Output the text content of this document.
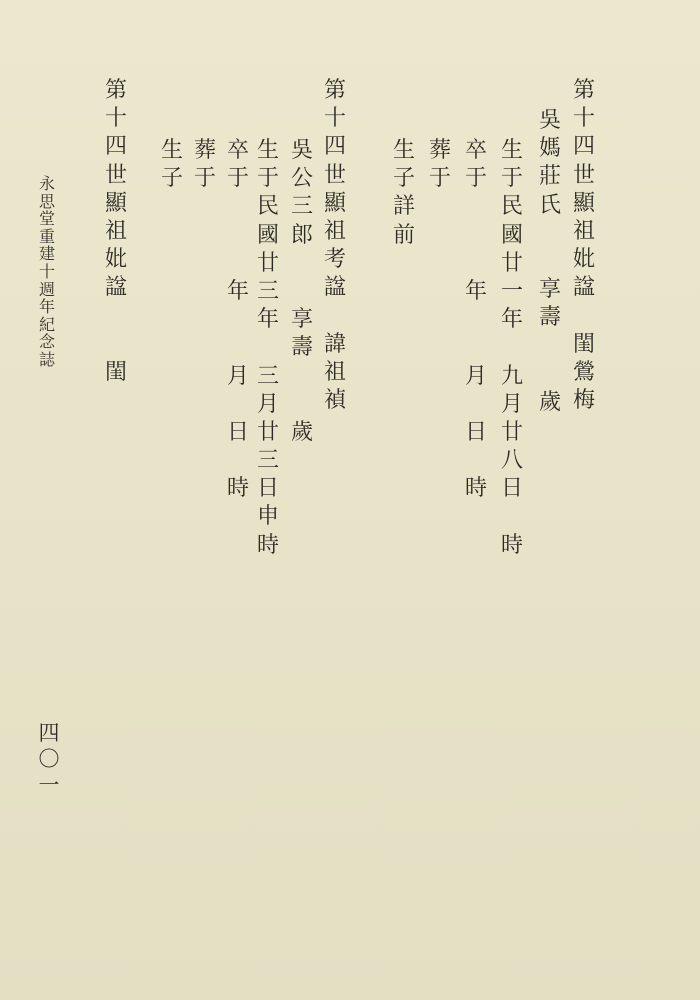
第
十
四
世
顯
祖
妣
諡

閨
鶯
梅
吳
媽
莊
氏

享
壽

歲
生
于
民
國
廿
一
年

九
月
廿
八
日

時
卒
于

年

月

日

時
葬
于
生
子
詳
前
第
十
四
世
顯
祖
考
諡

諱
祖
禎
吳
公
三
郎

享
壽

歲
生
于
民
國
廿
三
年

三
月
廿
三
日
申
時
卒
于

年

月

日

時
葬
于
生
子
第
十
四
世
顯
祖
妣
諡

閨
永
思
堂
重
建
十
週
年
紀
念
誌
四
〇
一
